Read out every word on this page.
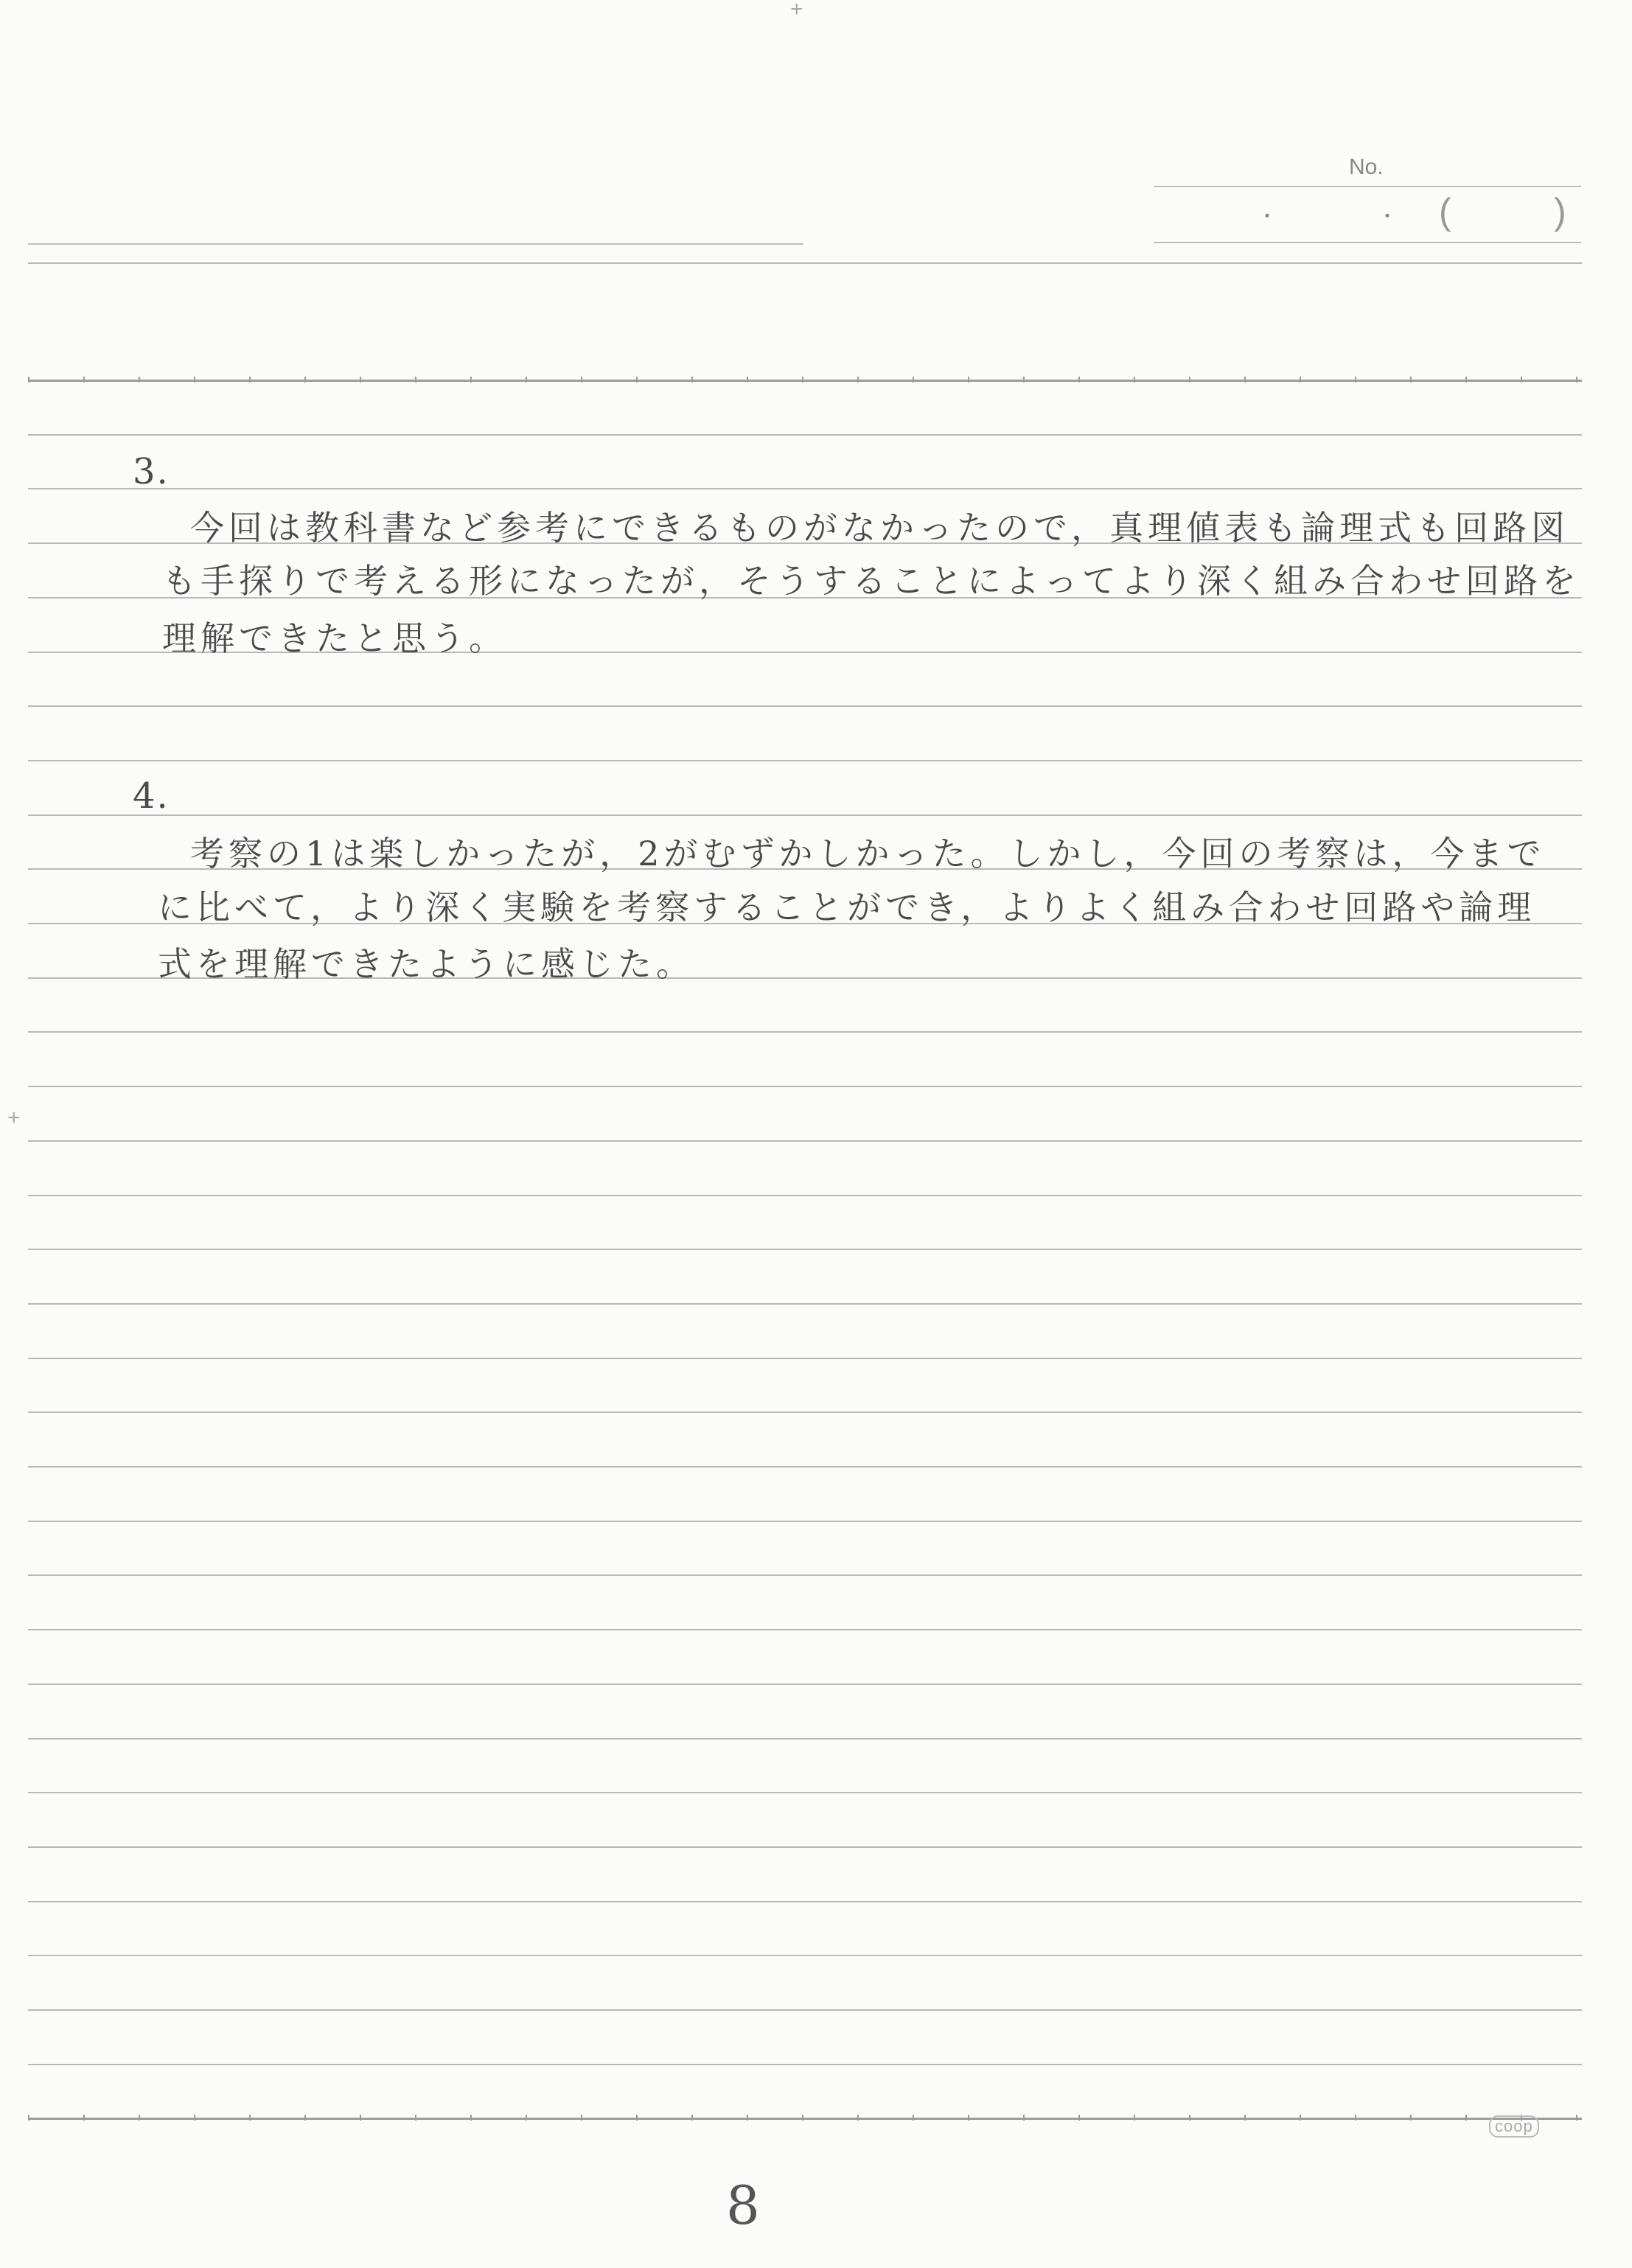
+
+
No.
・	・ (	)
3.
今回は教科書など参考にできるものがなかったので，真理値表も論理式も回路図
も手探りで考える形になったが，そうすることによってより深く組み合わせ回路を
理解できたと思う。
4.
考察の1は楽しかったが，2がむずかしかった。しかし，今回の考察は，今まで
に比べて，より深く実験を考察することができ，よりよく組み合わせ回路や論理
式を理解できたように感じた。
coop
8
